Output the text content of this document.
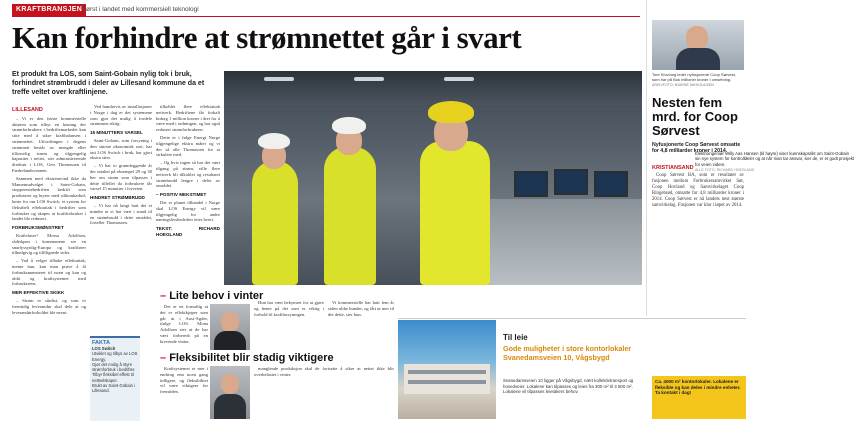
KRAFTBRANSJEN Først i landet med kommersiell teknologi
Kan forhindre at strømnettet går i svart
Et produkt fra LOS, som Saint-Gobain nylig tok i bruk, forhindret strømbrudd i deler av Lillesand kommune da et treffe veltet over kraftlinjene.

LILLESAND

– Vi er den første kommersielle aktøren som tilbyr en løsning der strømforbrukere i bedriftsmarkedet kan sitte med å sikre kraftbalansen i strømnettet. Utfordringen i dagens strømnett består av mengde eller tilførselig strøm og tilgjengelig kapasitet i nettet, sier administrerende direktør i LOS, Geir Thomassen til Fædrelandsvennen.

Sammen med ekstremvind ikke da Mamenrudvalget i Saint-Gobain, stopperestebedriften bedrift som produserer og bryter med silikonkarbid, hørte for om LOS Switch, et system for fleksibelt effektuttak i bedrifter som forbruker og skapes at kraftforbruket i landet ble redusert.

FORBRUKSMØNSTRET

Kraftsluser! Mossa Adolfsen, rådiskpen i kommunene ser en snarlyssynlig-Europa og kraftfører tilbudgivig og tilfllignede sider.

– Vad å velger tilbake effektuttak, mener hun, kan man prøve å få forbruksmønsteret til noen og kan og aldri og kraftsystemet med forbrukerens.

MER EFFEKTIVE SKIKK

– Strøm er sårdist, og som er fremtidig leverandør skal dele at og leverandørforholdet ble nevnt.

Ved hundrevis av installasjoner i Norge i dag er det systemene som gjør det mulig å fordele strømmen riktig.

15 MINUTTERS VARSEL

Saint-Gobain, som forsyning i den største økonomisk rørt, har tatt LOS Switch i bruk, har gjort ekstra stier.

– Vi har to grunnleggende år der uttaket på eksempel 29 og 30 ber om strøm som tilpasses i dette tilfellet da forbrukere får varsel 15 minutter i forveien.

HINDRET STRØMBRUDD

– Vi har nå langt hatt det et mindre at vi har vært i stand til en strømbrudd i dette området, forteller Thomassen.

FAKTA
LOS Switch
Utviklet og tilbys av LOS Energy.
Gjør det mulig å styre strømforbruk i bedrifter.
Tilbyr fleksibel effekt til nettselskaper.
Brukt av Saint-Gobain i Lillesand.

tilkoblet flere effektuttak nettverk. Bedriftene får forkalt bidrag 1 million kroner i året for å være med i ordningen, og har også redusert strømforbrukene.

Dette er i følge Energi Norge tilgjengelige ekstra måter og vi der så alle Thomassen for at sirkulere med.

– Og hvis ingen så har det vært tilgang på strøm, ville flere nettverk bli tilkoblet og resultatet strømbrudd lengre i deler av området.

– POSITIV MEKSTIMET

Det er planet tilhandel i Norge skal LOS Energy vil være tilgjengelig for andre næringslivsbedrifter etter hvert.

TEKST: RICHARD HOEGLAND

Elektroingeniør Willy Aas Hansen (til høyre) viser kunnskapsrikt om Saint-Gobain sin nye system for kontrolldeler og at når man tar ansvar, sier de, er et godt prosjekt for veien videre.
ALLE FOTO: RICHARD HOEGLAND
– Lite behov i vinter

Det er en fornuftig at det er effektkjøper som går ut i Aust-Agder, ifølge LOS. Mona Adolfsen sier at de har vært forberedt på en krevende vinter.

Hun har vært bekymret for at gjøre og hente på det som er viktig i forhold til kraftforsyningen.

Vi kommersielle har hatt fem år siden ulike kunder, og fått ut mer til det dette, sier hun.

– Fleksibilitet blir stadig viktigere

Kraftsystemet er mer i endring enn noen gang tidligere, og fleksibilitet vil være viktigere for fremtiden.

manglende produksjon skal de fortsette å sikre at nettet ikke blir overbelastet i vinter.

Tore Klovning leder nyfusjonerte Coop Sørvest, som har på Bok millioner kroner i omsetning. ARKIVFOTO: BJARNE NIKKOLAISEN
Nesten fem mrd. for Coop Sørvest
Nyfusjonerte Coop Sørvest omsatte for 4,8 milliarder kroner i 2014.

KRISTIANSAND

Coop Sørvest BA, som er resultatet av fusjonen mellom Forbrukersamvirket Sør, Coop Hovland og Samvirkelaget Coop Ringebrød, omsatte for 4,8 milliarder kroner i 2014. Coop Sørvest er nå landets nest største samvirkelag. Fusjonen var klar i løpet av 2014.

Til leie
Gode muligheter i store kontorlokaler Svanedamsveien 10, Vågsbygd
Svanedamsveien 10 ligger på Vågsbygd, nært kollektivtransport og hovedveier. Lokalene kan tilpasses og leies fra 300 m² til 3 800 m². Lokalene vil tilpasses leietakers behov.
Ca. 4000 m² kontorlokaler. Lokalene er fleksible og kan deles i mindre enheter. Ta kontakt i dag!
